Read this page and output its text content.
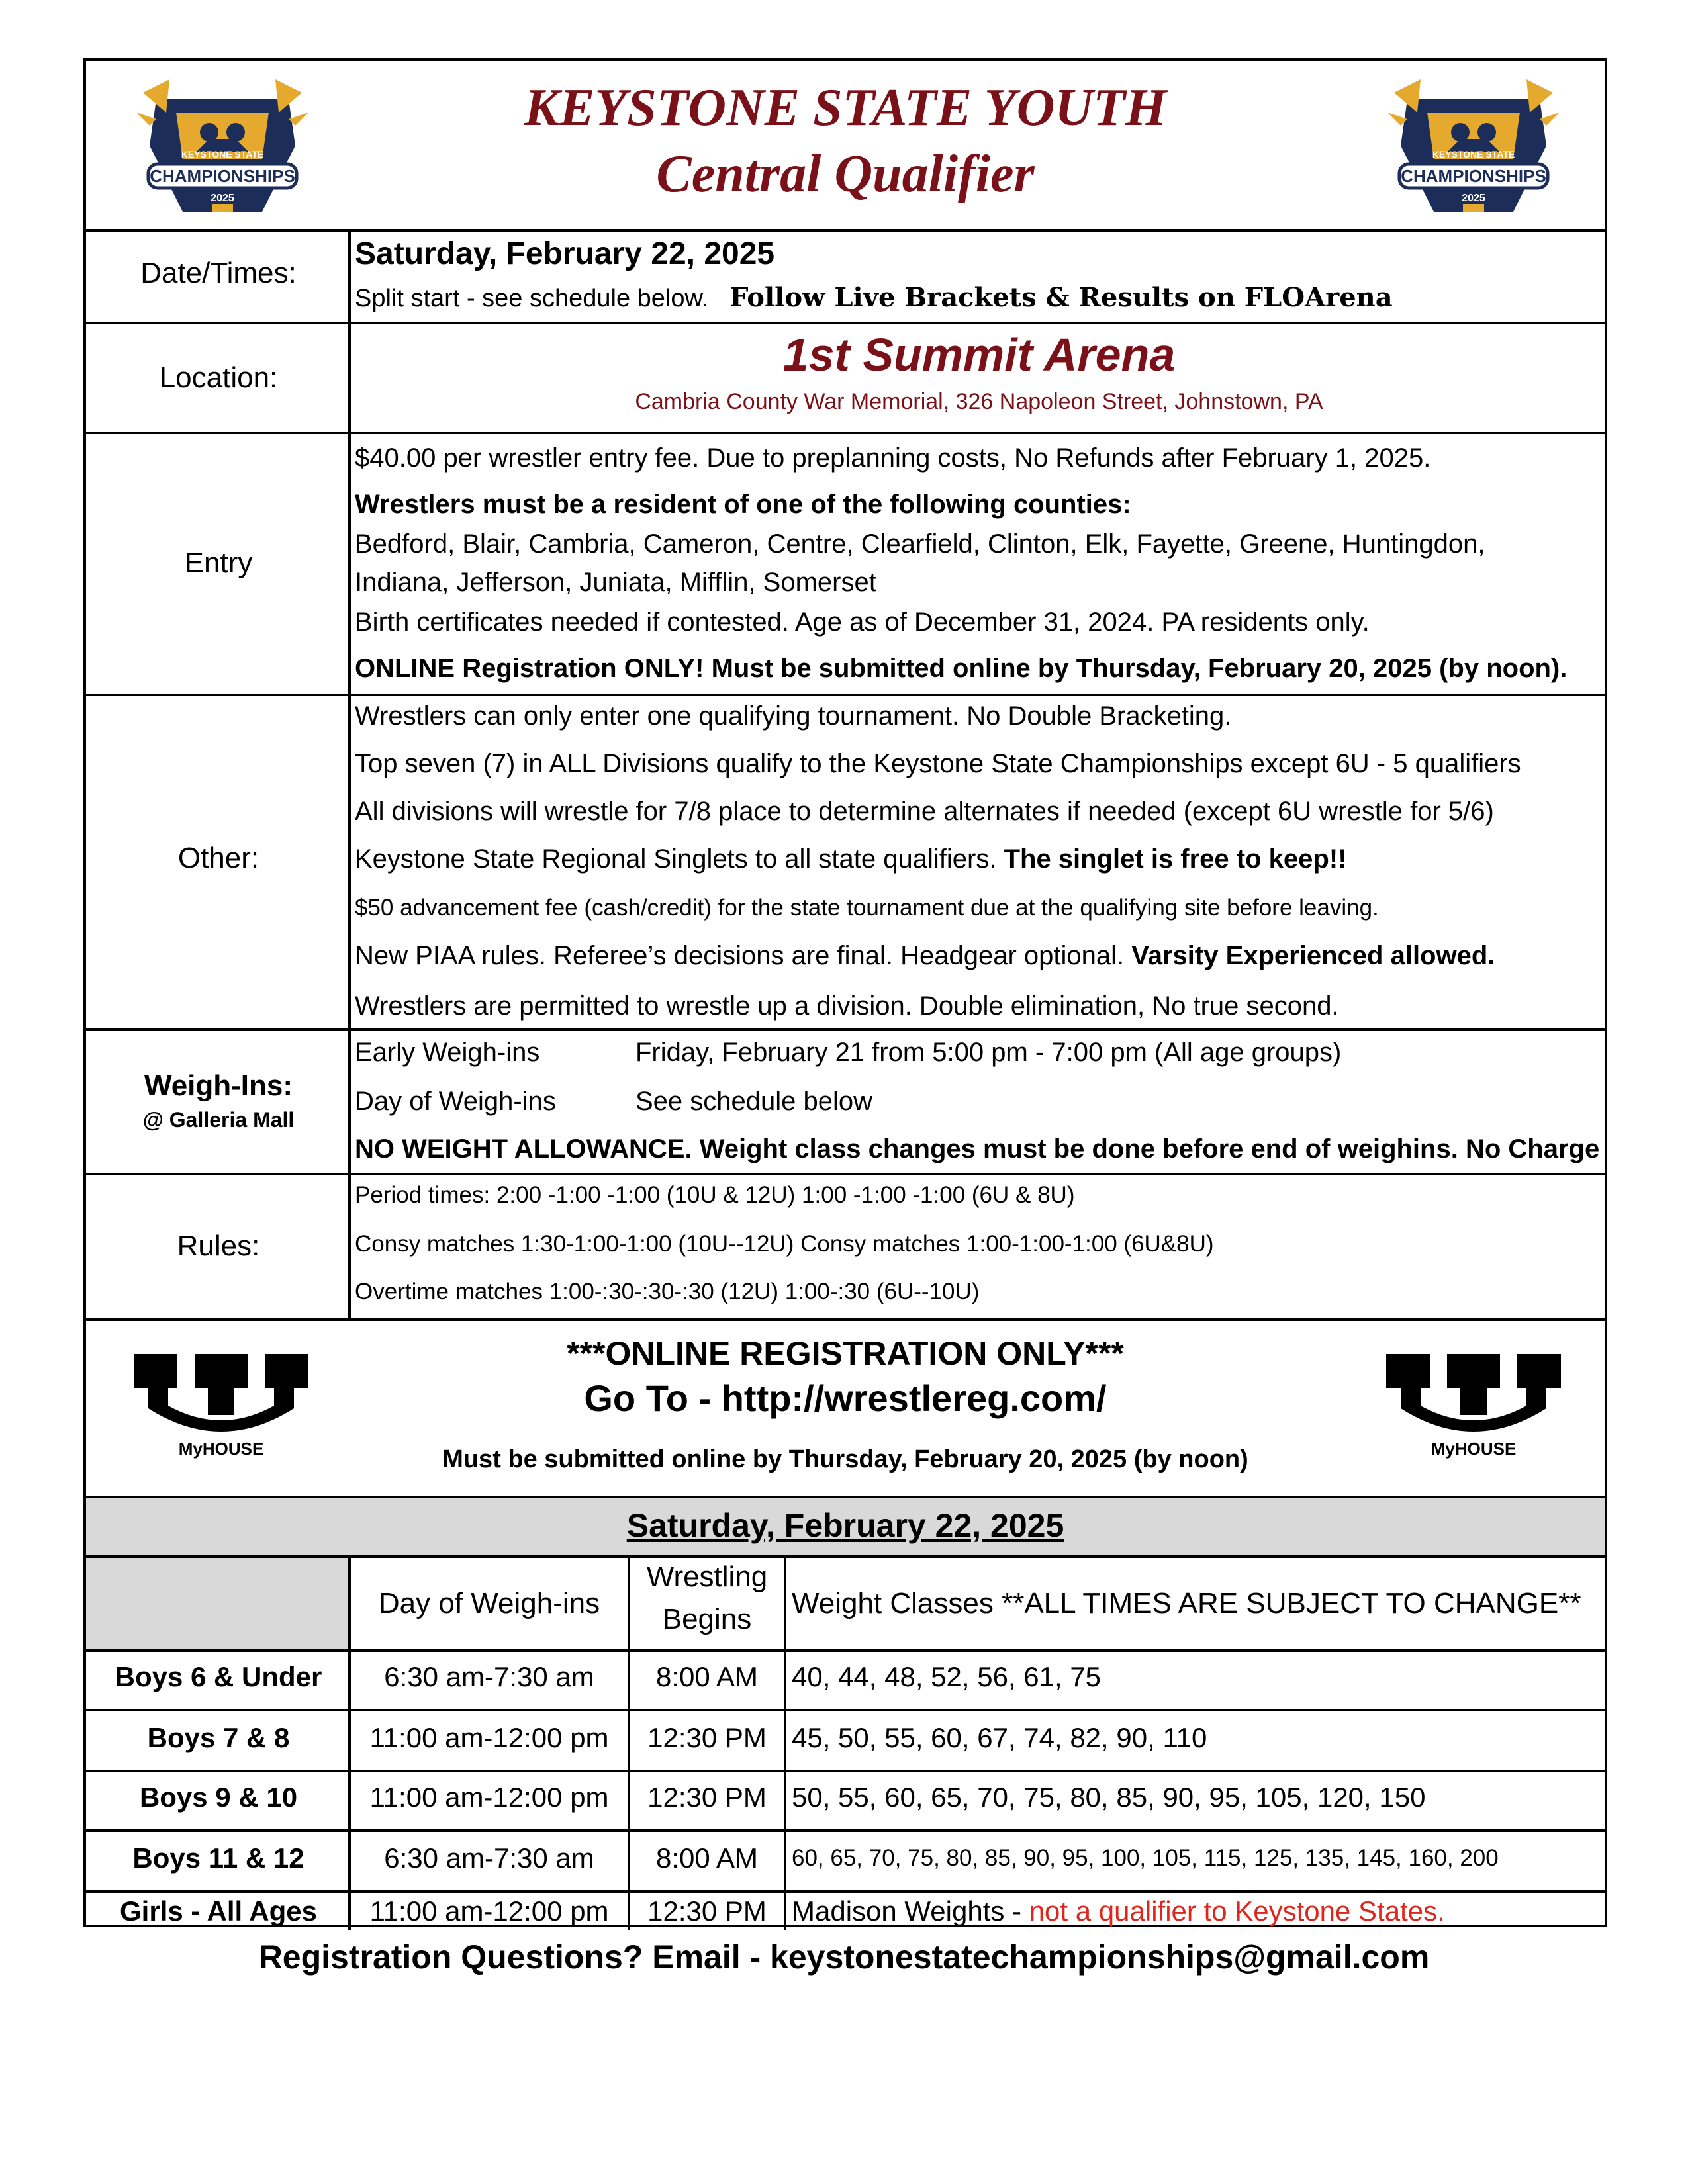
KEYSTONE STATE YOUTH
Central Qualifier
KEYSTONE STATE
CHAMPIONSHIPS
2025
KEYSTONE STATE
CHAMPIONSHIPS
2025
Date/Times:
Saturday, February 22, 2025
Split start - see schedule below. Follow Live Brackets & Results on FLOArena
Location:	1st Summit Arena
Cambria County War Memorial, 326 Napoleon Street, Johnstown, PA
Entry
$40.00 per wrestler entry fee. Due to preplanning costs, No Refunds after February 1, 2025.
Wrestlers must be a resident of one of the following counties:
Bedford, Blair, Cambria, Cameron, Centre, Clearfield, Clinton, Elk, Fayette, Greene, Huntingdon,
Indiana, Jefferson, Juniata, Mifflin, Somerset
Birth certificates needed if contested. Age as of December 31, 2024. PA residents only.
ONLINE Registration ONLY! Must be submitted online by Thursday, February 20, 2025 (by noon).
Other:
Wrestlers can only enter one qualifying tournament. No Double Bracketing.
Top seven (7) in ALL Divisions qualify to the Keystone State Championships except 6U - 5 qualifiers
All divisions will wrestle for 7/8 place to determine alternates if needed (except 6U wrestle for 5/6)
Keystone State Regional Singlets to all state qualifiers. The singlet is free to keep!!
$50 advancement fee (cash/credit) for the state tournament due at the qualifying site before leaving.
New PIAA rules. Referee’s decisions are final. Headgear optional. Varsity Experienced allowed.
Wrestlers are permitted to wrestle up a division. Double elimination, No true second.
Weigh-Ins:
@ Galleria Mall
Early Weigh-ins	Friday, February 21 from 5:00 pm - 7:00 pm (All age groups)
Day of Weigh-ins	See schedule below
NO WEIGHT ALLOWANCE. Weight class changes must be done before end of weighins. No Charge
Rules:
Period times: 2:00 -1:00 -1:00 (10U & 12U) 1:00 -1:00 -1:00 (6U & 8U)
Consy matches 1:30-1:00-1:00 (10U--12U) Consy matches 1:00-1:00-1:00 (6U&8U)
Overtime matches 1:00-:30-:30-:30 (12U) 1:00-:30 (6U--10U)
MyHOUSE	MyHOUSE
***ONLINE REGISTRATION ONLY***
Go To - http://wrestlereg.com/
Must be submitted online by Thursday, February 20, 2025 (by noon)
Saturday, February 22, 2025
Day of Weigh-ins
Wrestling
Begins	Weight Classes **ALL TIMES ARE SUBJECT TO CHANGE**
Boys 6 & Under	6:30 am-7:30 am	8:00 AM	40, 44, 48, 52, 56, 61, 75
Boys 7 & 8	11:00 am-12:00 pm	12:30 PM 45, 50, 55, 60, 67, 74, 82, 90, 110
Boys 9 & 10	11:00 am-12:00 pm	12:30 PM 50, 55, 60, 65, 70, 75, 80, 85, 90, 95, 105, 120, 150
Boys 11 & 12	6:30 am-7:30 am	8:00 AM	60, 65, 70, 75, 80, 85, 90, 95, 100, 105, 115, 125, 135, 145, 160, 200
Girls - All Ages	11:00 am-12:00 pm	12:30 PM Madison Weights - not a qualifier to Keystone States.
Registration Questions? Email - keystonestatechampionships@gmail.com
